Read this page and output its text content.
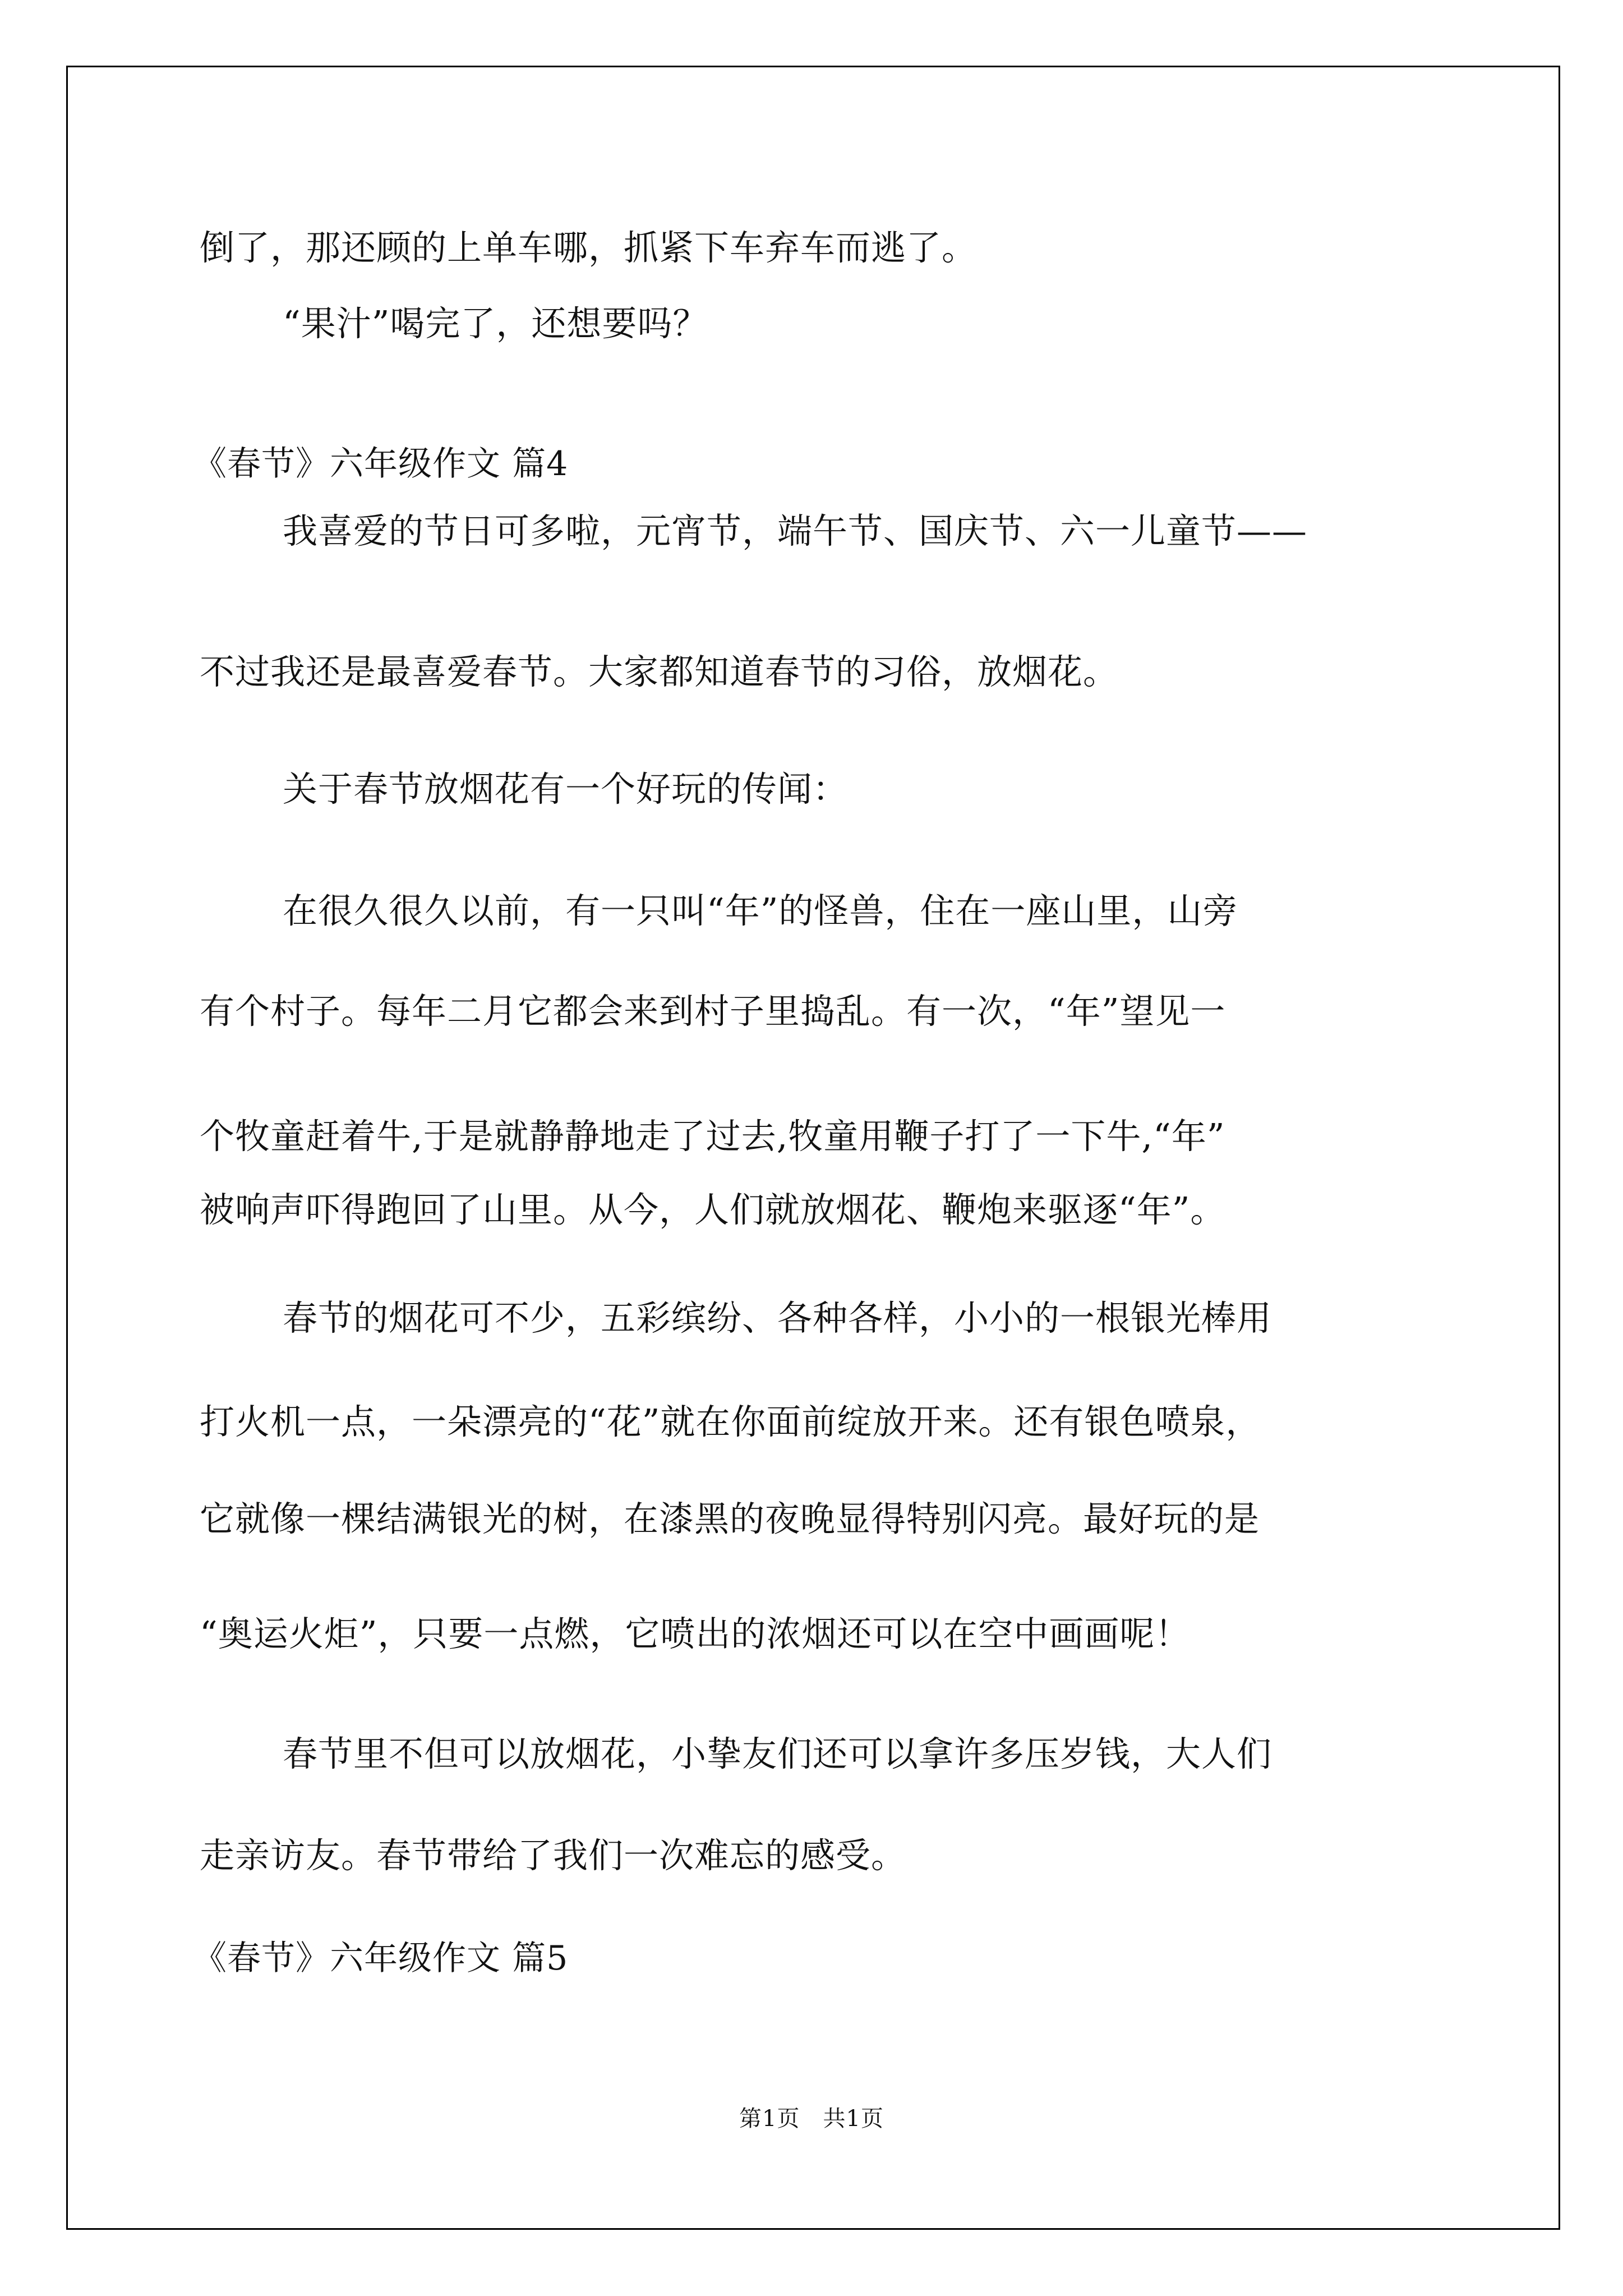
倒了，那还顾的上单车哪，抓紧下车弃车而逃了。
“果汁”喝完了，还想要吗？
《春节》六年级作文 篇4
我喜爱的节日可多啦，元宵节，端午节、国庆节、六一儿童节——
不过我还是最喜爱春节。大家都知道春节的习俗，放烟花。
关于春节放烟花有一个好玩的传闻：
在很久很久以前，有一只叫“年”的怪兽，住在一座山里，山旁
有个村子。每年二月它都会来到村子里捣乱。有一次，“年”望见一
个牧童赶着牛,于是就静静地走了过去,牧童用鞭子打了一下牛,“年”
被响声吓得跑回了山里。从今，人们就放烟花、鞭炮来驱逐“年”。
春节的烟花可不少，五彩缤纷、各种各样，小小的一根银光棒用
打火机一点，一朵漂亮的“花”就在你面前绽放开来。还有银色喷泉，
它就像一棵结满银光的树，在漆黑的夜晚显得特别闪亮。最好玩的是
“奥运火炬”，只要一点燃，它喷出的浓烟还可以在空中画画呢！
春节里不但可以放烟花，小挚友们还可以拿许多压岁钱，大人们
走亲访友。春节带给了我们一次难忘的感受。
《春节》六年级作文 篇5
第1页　共1页
